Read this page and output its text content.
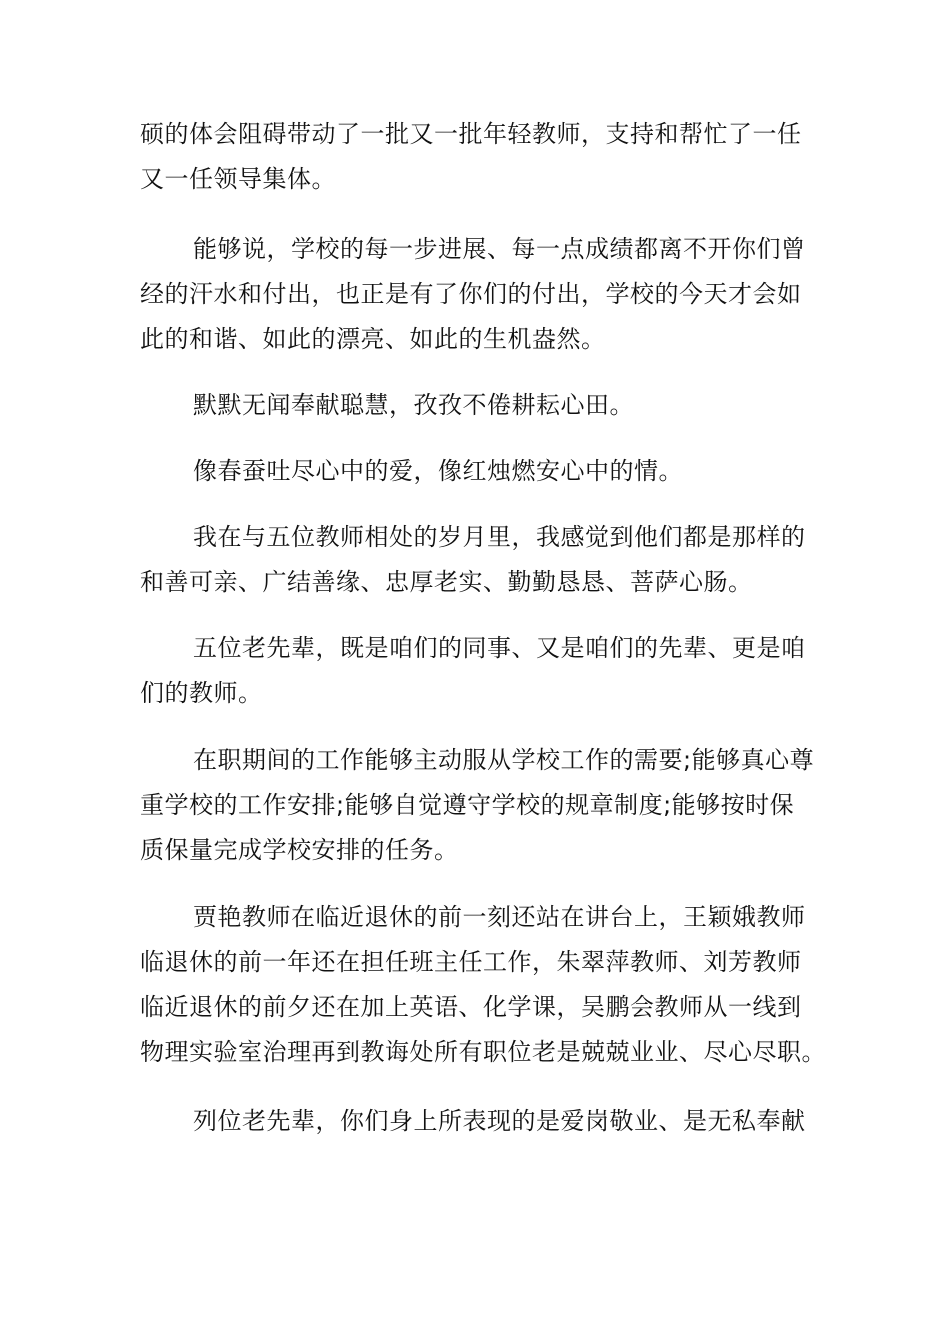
硕的体会阻碍带动了一批又一批年轻教师，支持和帮忙了一任
又一任领导集体。

能够说，学校的每一步进展、每一点成绩都离不开你们曾
经的汗水和付出，也正是有了你们的付出，学校的今天才会如
此的和谐、如此的漂亮、如此的生机盎然。

默默无闻奉献聪慧，孜孜不倦耕耘心田。

像春蚕吐尽心中的爱，像红烛燃安心中的情。

我在与五位教师相处的岁月里，我感觉到他们都是那样的
和善可亲、广结善缘、忠厚老实、勤勤恳恳、菩萨心肠。

五位老先辈，既是咱们的同事、又是咱们的先辈、更是咱
们的教师。

在职期间的工作能够主动服从学校工作的需要;能够真心尊
重学校的工作安排;能够自觉遵守学校的规章制度;能够按时保
质保量完成学校安排的任务。

贾艳教师在临近退休的前一刻还站在讲台上，王颖娥教师
临退休的前一年还在担任班主任工作，朱翠萍教师、刘芳教师
临近退休的前夕还在加上英语、化学课，吴鹏会教师从一线到
物理实验室治理再到教诲处所有职位老是兢兢业业、尽心尽职。

列位老先辈，你们身上所表现的是爱岗敬业、是无私奉献
